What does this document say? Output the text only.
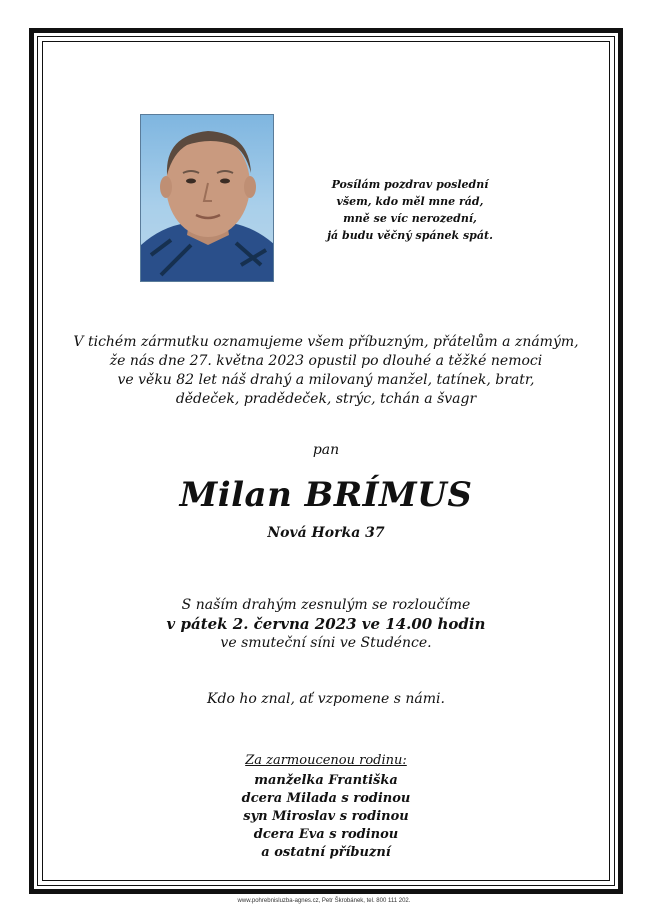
Posílám pozdrav poslední
všem, kdo měl mne rád,
mně se víc nerozední,
já budu věčný spánek spát.
V tichém zármutku oznamujeme všem příbuzným, přátelům a známým,
že nás dne 27. května 2023 opustil po dlouhé a těžké nemoci
ve věku 82 let náš drahý a milovaný manžel, tatínek, bratr,
dědeček, pradědeček, strýc, tchán a švagr
pan
Milan BRÍMUS
Nová Horka 37
S naším drahým zesnulým se rozloučíme
v pátek 2. června 2023 ve 14.00 hodin
ve smuteční síni ve Studénce.
Kdo ho znal, ať vzpomene s námi.
Za zarmoucenou rodinu:
manželka Františka
dcera Milada s rodinou
syn Miroslav s rodinou
dcera Eva s rodinou
a ostatní příbuzní
www.pohrebnisluzba-agnes.cz, Petr Škrobánek, tel. 800 111 202.
